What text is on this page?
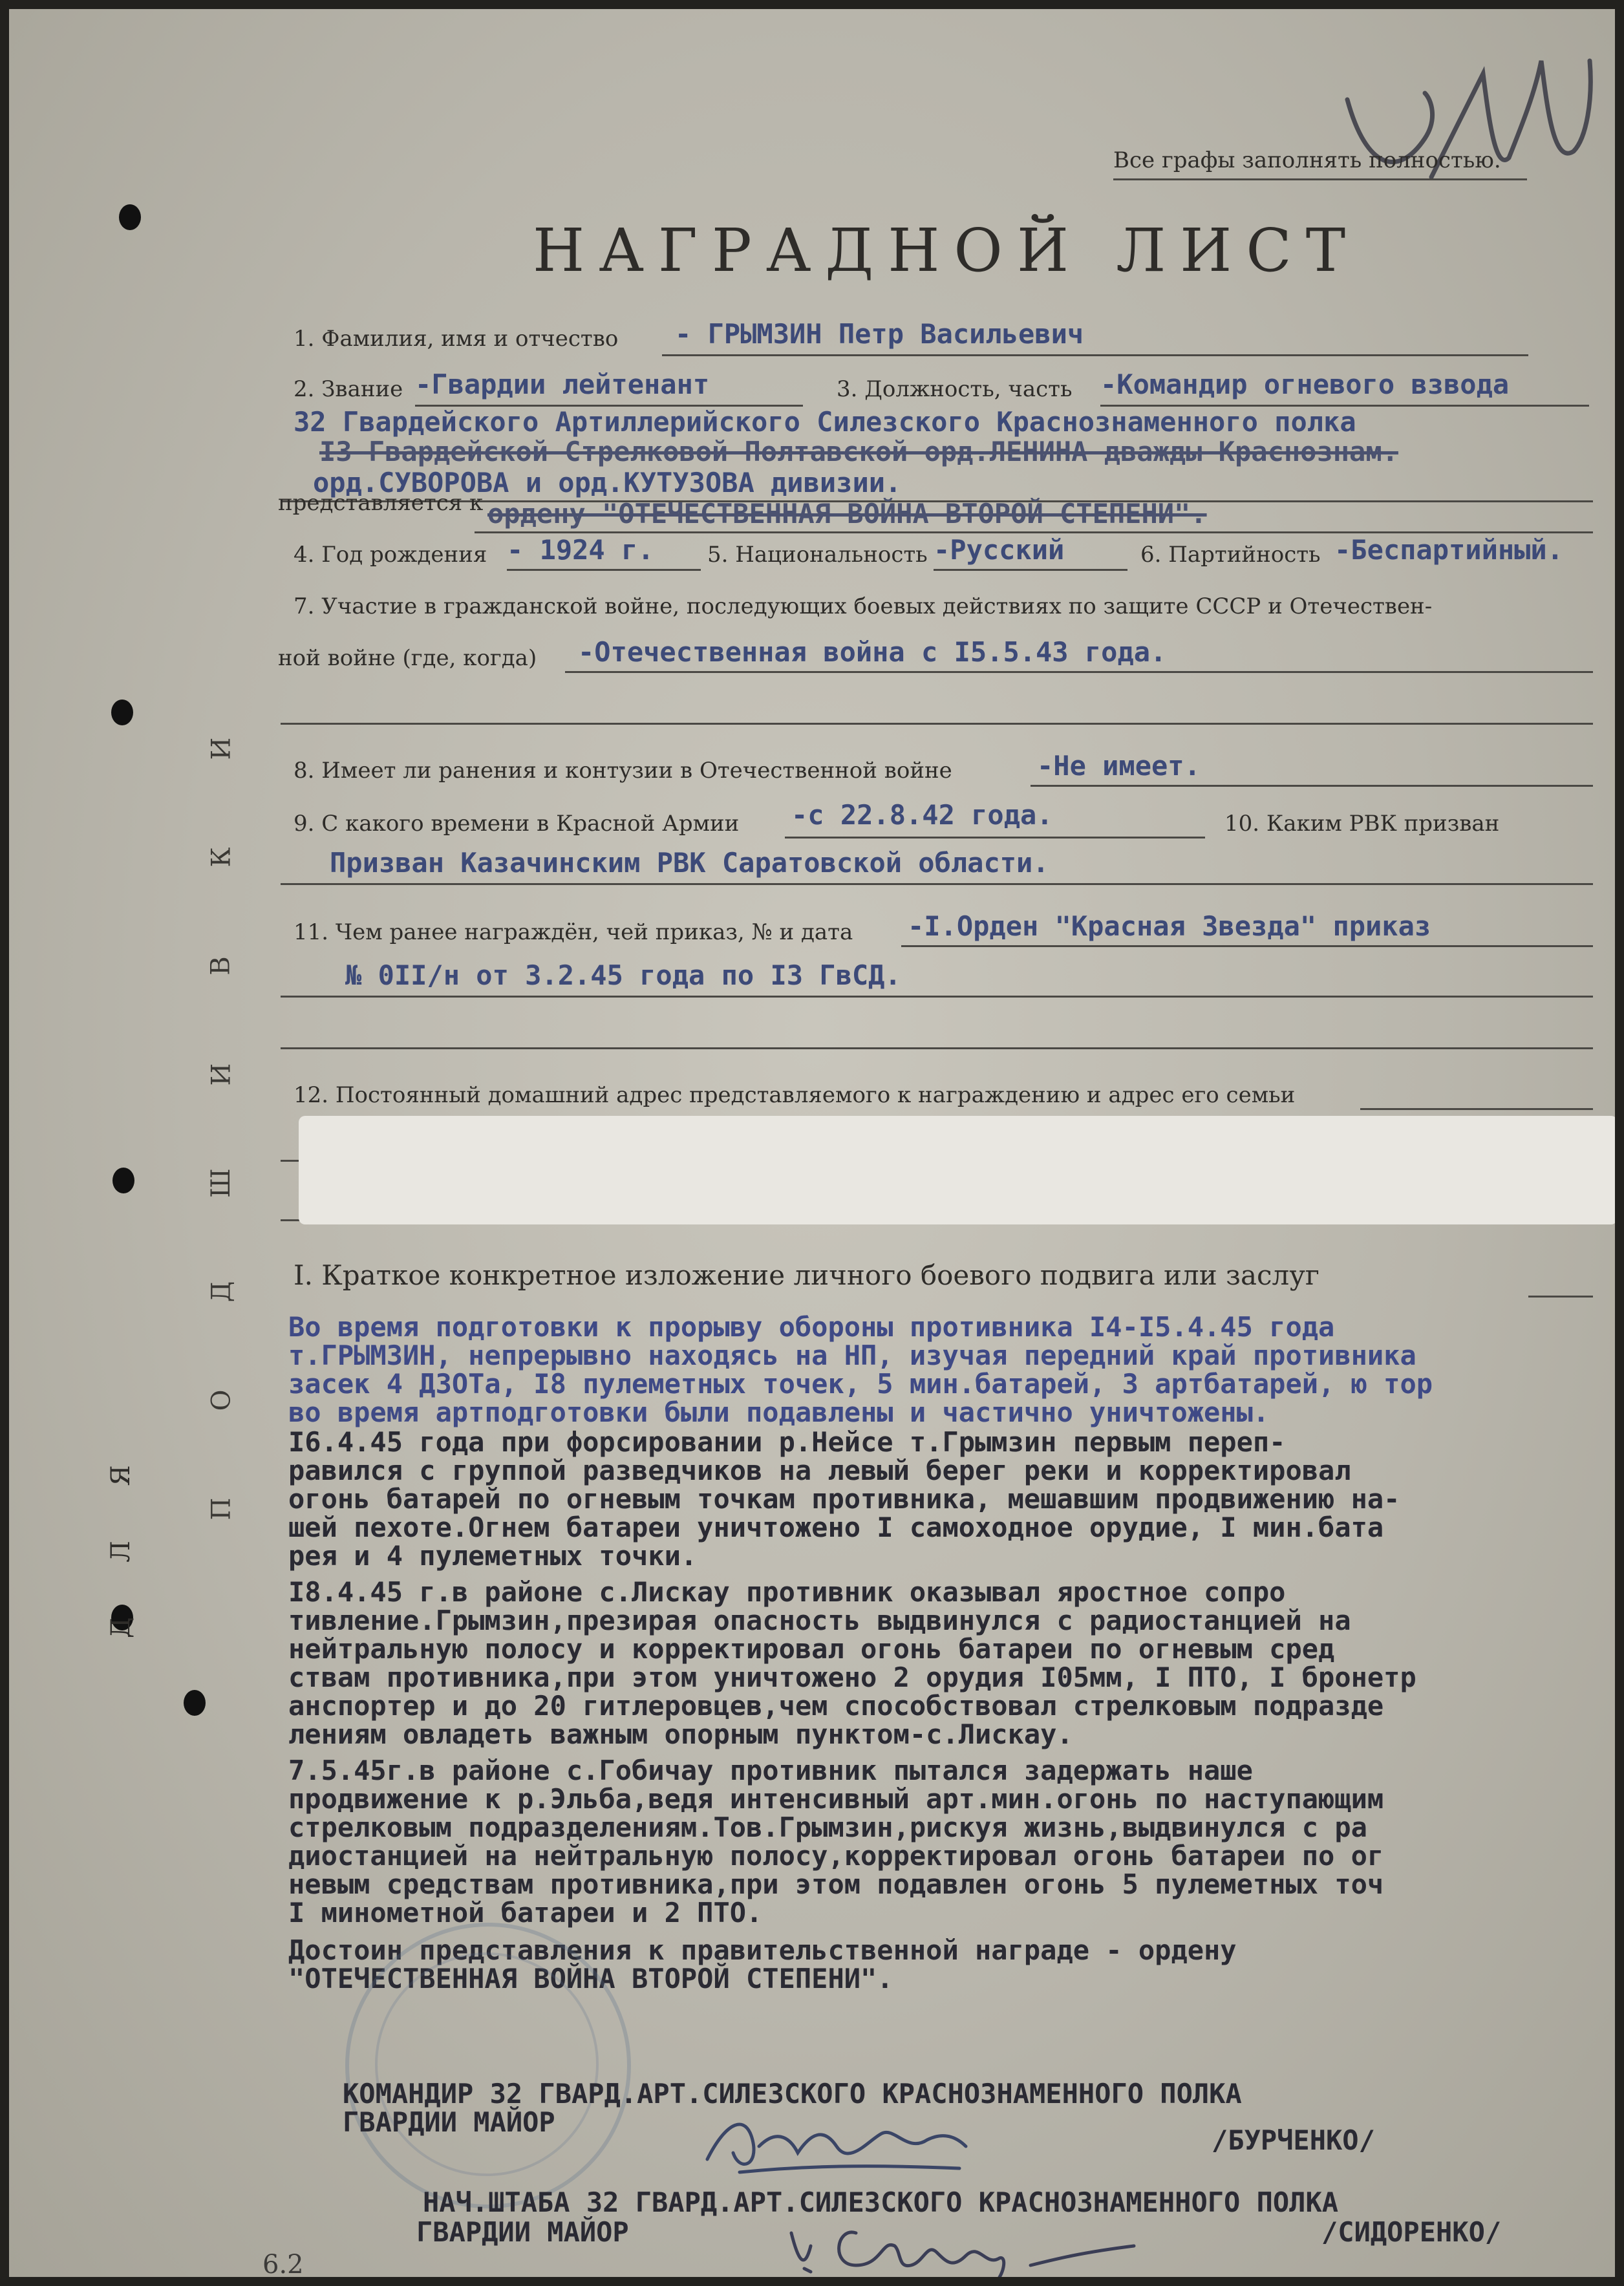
Все графы заполнять полностью.
НАГРАДНОЙ ЛИСТ
И
К
В
И
Ш
Д
О
П
Д Л Я
1. Фамилия, имя и отчество - ГРЫМЗИН Петр Васильевич
2. Звание -Гвардии лейтенант	3. Должность, часть -Командир огневого взвода
32 Гвардейского Артиллерийского Силезского Краснознаменного полка
I3 Гвардейской Стрелковой Полтавской орд.ЛЕНИНА дважды Краснознам.
орд.СУВОРОВА и орд.КУТУЗОВА дивизии.
представляется к ордену "ОТЕЧЕСТВЕННАЯ ВОЙНА ВТОРОЙ СТЕПЕНИ".
4. Год рождения - 1924 г. 5. Национальность -Русский	6. Партийность -Беспартийный.
7. Участие в гражданской войне, последующих боевых действиях по защите СССР и Отечествен-
ной войне (где, когда) -Отечественная война с I5.5.43 года.
8. Имеет ли ранения и контузии в Отечественной войне	-Не имеет.
9. С какого времени в Красной Армии -с 22.8.42 года.	10. Каким РВК призван
Призван Казачинским РВК Саратовской области.
11. Чем ранее награждён, чей приказ, № и дата -I.Орден "Красная Звезда" приказ
№ 0II/н от 3.2.45 года по I3 ГвСД.
12. Постоянный домашний адрес представляемого к награждению и адрес его семьи
I. Краткое конкретное изложение личного боевого подвига или заслуг
Во время подготовки к прорыву обороны противника I4-I5.4.45 года
т.ГРЫМЗИН, непрерывно находясь на НП, изучая передний край противника
засек 4 ДЗОТа, I8 пулеметных точек, 5 мин.батарей, 3 артбатарей, ю тор
во время артподготовки были подавлены и частично уничтожены.
I6.4.45 года при форсировании р.Нейсе т.Грымзин первым переп-
равился с группой разведчиков на левый берег реки и корректировал
огонь батарей по огневым точкам противника, мешавшим продвижению на-
шей пехоте.Огнем батареи уничтожено I самоходное орудие, I мин.бата
рея и 4 пулеметных точки.
I8.4.45 г.в районе с.Лиcкау противник оказывал яростное сопро
тивление.Грымзин,презирая опасность выдвинулся с радиостанцией на
нейтральную полосу и корректировал огонь батареи по огневым сред
ствам противника,при этом уничтожено 2 орудия I05мм, I ПТО, I бронетр
анспортер и до 20 гитлеровцев,чем способствовал стрелковым подразде
лениям овладеть важным опорным пунктом-с.Лискау.
7.5.45г.в районе с.Гобичау противник пытался задержать наше
продвижение к р.Эльба,ведя интенсивный арт.мин.огонь по наступающим
стрелковым подразделениям.Тов.Грымзин,рискуя жизнь,выдвинулся с ра
диостанцией на нейтральную полосу,корректировал огонь батареи по ог
невым средствам противника,при этом подавлен огонь 5 пулеметных точ
I минометной батареи и 2 ПТО.
Достоин представления к правительственной награде - ордену
"ОТЕЧЕСТВЕННАЯ ВОЙНА ВТОРОЙ СТЕПЕНИ".
КОМАНДИР 32 ГВАРД.АРТ.СИЛЕЗСКОГО КРАСНОЗНАМЕННОГО ПОЛКА
ГВАРДИИ МАЙОР
/БУРЧЕНКО/
НАЧ.ШТАБА 32 ГВАРД.АРТ.СИЛЕЗСКОГО КРАСНОЗНАМЕННОГО ПОЛКА
ГВАРДИИ МАЙОР	/СИДОРЕНКО/
6.2
